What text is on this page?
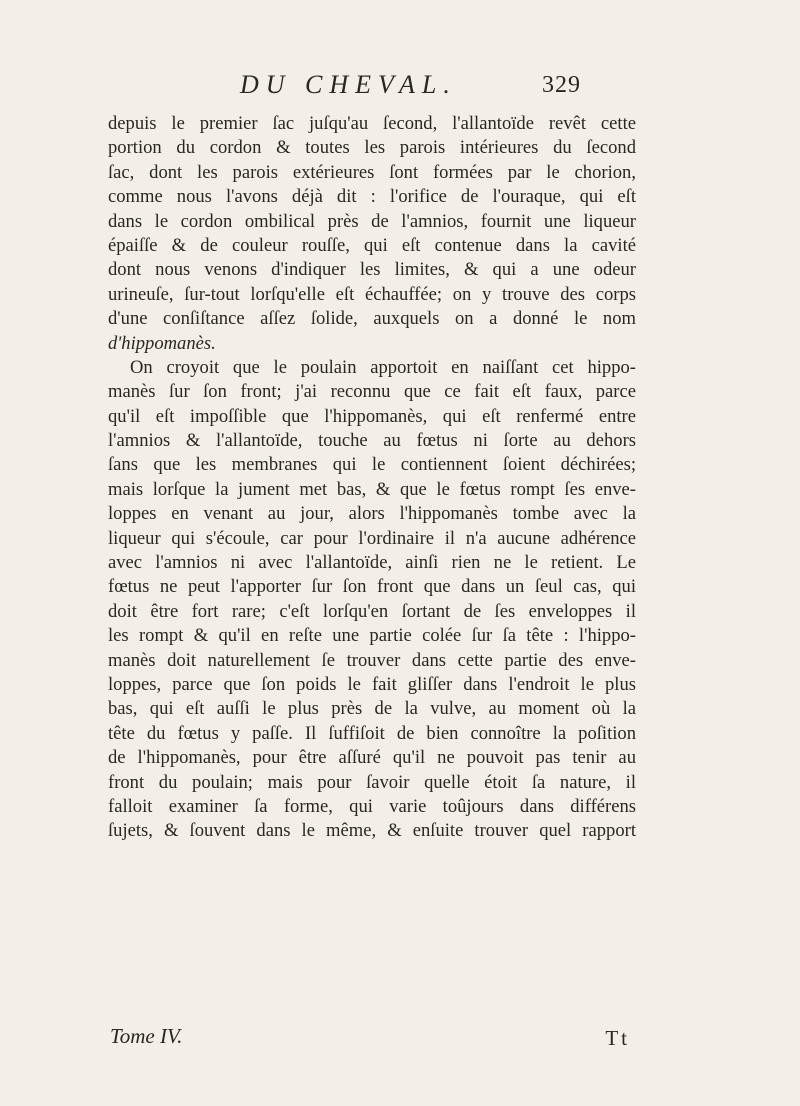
DU CHEVAL.	329
depuis le premier ſac juſqu'au ſecond, l'allantoïde revêt cette
portion du cordon & toutes les parois intérieures du ſecond
ſac, dont les parois extérieures ſont formées par le chorion,
comme nous l'avons déjà dit : l'orifice de l'ouraque, qui eſt
dans le cordon ombilical près de l'amnios, fournit une liqueur
épaiſſe & de couleur rouſſe, qui eſt contenue dans la cavité
dont nous venons d'indiquer les limites, & qui a une odeur
urineuſe, ſur-tout lorſqu'elle eſt échauffée; on y trouve des corps
d'une conſiſtance aſſez ſolide, auxquels on a donné le nom
d'hippomanès.
On croyoit que le poulain apportoit en naiſſant cet hippo-
manès ſur ſon front; j'ai reconnu que ce fait eſt faux, parce
qu'il eſt impoſſible que l'hippomanès, qui eſt renfermé entre
l'amnios & l'allantoïde, touche au fœtus ni ſorte au dehors
ſans que les membranes qui le contiennent ſoient déchirées;
mais lorſque la jument met bas, & que le fœtus rompt ſes enve-
loppes en venant au jour, alors l'hippomanès tombe avec la
liqueur qui s'écoule, car pour l'ordinaire il n'a aucune adhérence
avec l'amnios ni avec l'allantoïde, ainſi rien ne le retient. Le
fœtus ne peut l'apporter ſur ſon front que dans un ſeul cas, qui
doit être fort rare; c'eſt lorſqu'en ſortant de ſes enveloppes il
les rompt & qu'il en reſte une partie colée ſur ſa tête : l'hippo-
manès doit naturellement ſe trouver dans cette partie des enve-
loppes, parce que ſon poids le fait gliſſer dans l'endroit le plus
bas, qui eſt auſſi le plus près de la vulve, au moment où la
tête du fœtus y paſſe. Il ſuffiſoit de bien connoître la poſition
de l'hippomanès, pour être aſſuré qu'il ne pouvoit pas tenir au
front du poulain; mais pour ſavoir quelle étoit ſa nature, il
falloit examiner ſa forme, qui varie toûjours dans différens
ſujets, & ſouvent dans le même, & enſuite trouver quel rapport
Tome IV.	Tt
